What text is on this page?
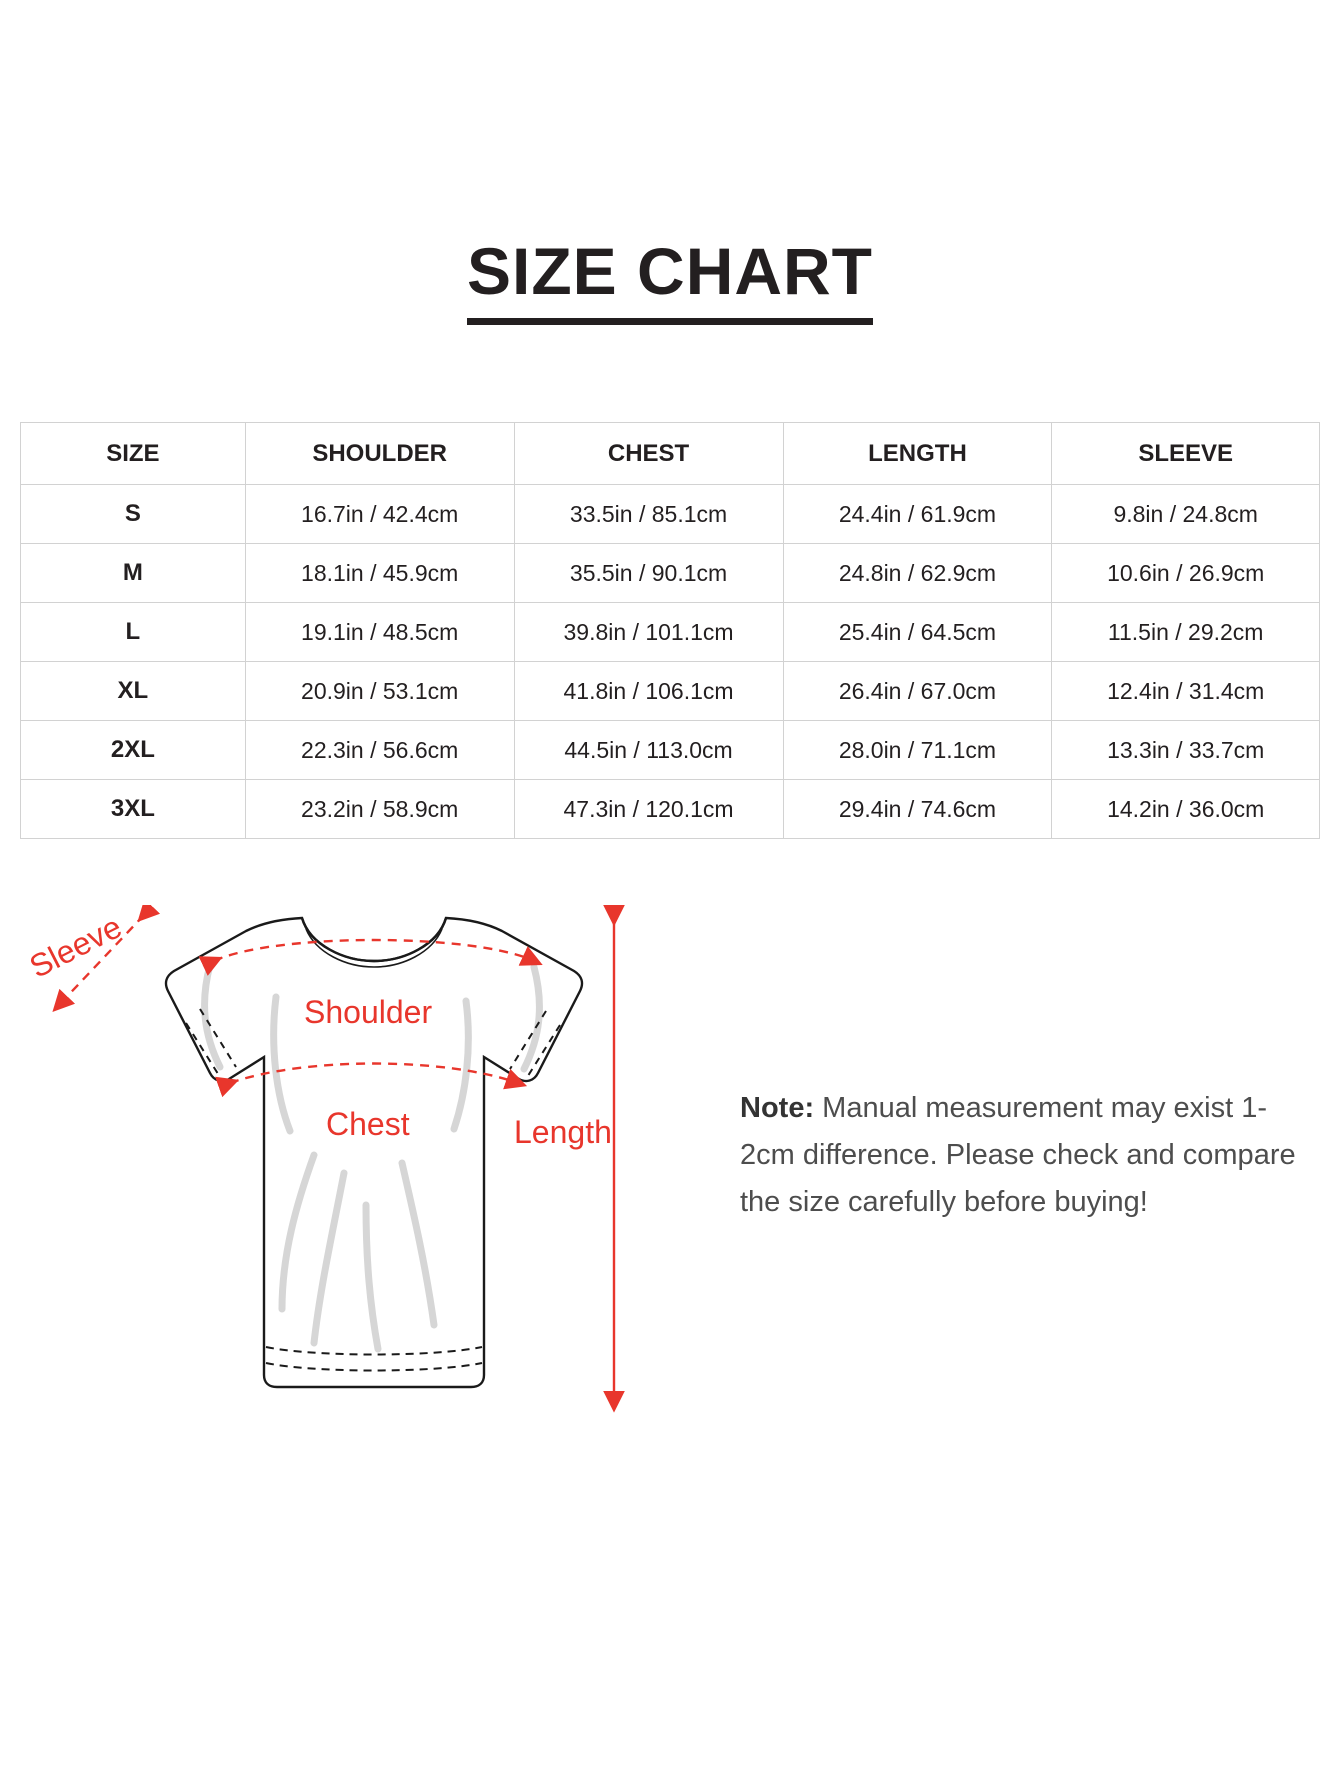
SIZE CHART
SIZE	SHOULDER	CHEST	LENGTH	SLEEVE
S	16.7in / 42.4cm	33.5in / 85.1cm	24.4in / 61.9cm	9.8in / 24.8cm
M	18.1in / 45.9cm	35.5in / 90.1cm	24.8in / 62.9cm	10.6in / 26.9cm
L	19.1in / 48.5cm	39.8in / 101.1cm	25.4in / 64.5cm	11.5in / 29.2cm
XL	20.9in / 53.1cm	41.8in / 106.1cm	26.4in / 67.0cm	12.4in / 31.4cm
2XL	22.3in / 56.6cm	44.5in / 113.0cm	28.0in / 71.1cm	13.3in / 33.7cm
3XL	23.2in / 58.9cm	47.3in / 120.1cm	29.4in / 74.6cm	14.2in / 36.0cm
Shoulder
Chest
Sleeve
Length
Note: Manual measurement may exist 1-2cm difference. Please check and compare the size carefully before buying!
